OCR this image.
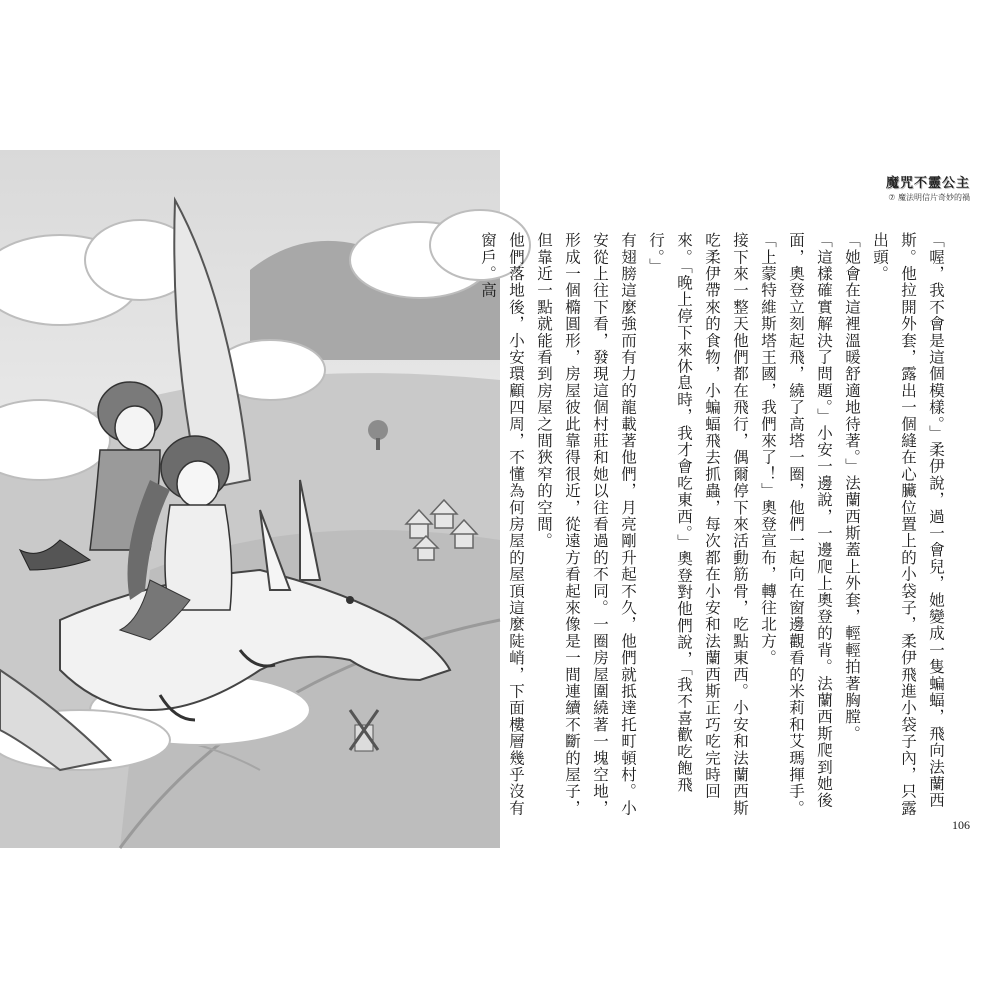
魔咒不靈公主
⑦ 魔法明信片奇妙的禍

「喔，我不會是這個模樣。」柔伊說，過一會兒，她變成一隻蝙蝠，飛向法蘭西斯。他拉開外套，露出一個縫在心臟位置上的小袋子，柔伊飛進小袋子內，只露出頭。

「她會在這裡溫暖舒適地待著。」法蘭西斯蓋上外套，輕輕拍著胸膛。

「這樣確實解決了問題。」小安一邊說，一邊爬上奧登的背。法蘭西斯爬到她後面，奧登立刻起飛，繞了高塔一圈，他們一起向在窗邊觀看的米莉和艾瑪揮手。

「上蒙特維斯塔王國，我們來了！」奧登宣布，轉往北方。

接下來一整天他們都在飛行，偶爾停下來活動筋骨，吃點東西。小安和法蘭西斯吃柔伊帶來的食物，小蝙蝠飛去抓蟲，每次都在小安和法蘭西斯正巧吃完時回來。「晚上停下來休息時，我才會吃東西。」奧登對他們說，「我不喜歡吃飽飛行。」

有翅膀這麼強而有力的龍載著他們，月亮剛升起不久，他們就抵達托町頓村。小安從上往下看，發現這個村莊和她以往看過的不同。一圈房屋圍繞著一塊空地，形成一個橢圓形，房屋彼此靠得很近，從遠方看起來像是一間連續不斷的屋子，但靠近一點就能看到房屋之間狹窄的空間。

他們落地後，小安環顧四周，不懂為何房屋的屋頂這麼陡峭，下面樓層幾乎沒有窗戶。高

106
